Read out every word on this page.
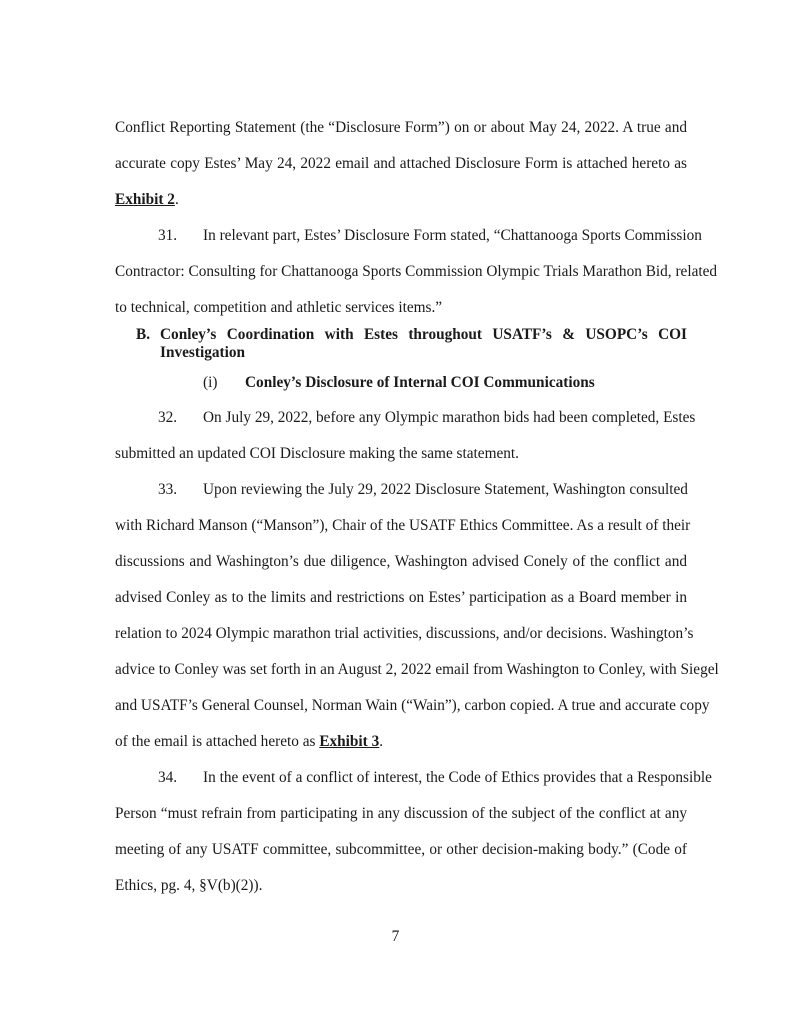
Conflict Reporting Statement (the “Disclosure Form”) on or about May 24, 2022. A true and
accurate copy Estes’ May 24, 2022 email and attached Disclosure Form is attached hereto as
Exhibit 2.
31. In relevant part, Estes’ Disclosure Form stated, “Chattanooga Sports Commission
Contractor: Consulting for Chattanooga Sports Commission Olympic Trials Marathon Bid, related
to technical, competition and athletic services items.”
B. Conley’s Coordination with Estes throughout USATF’s & USOPC’s COI
Investigation
(i) Conley’s Disclosure of Internal COI Communications
32. On July 29, 2022, before any Olympic marathon bids had been completed, Estes
submitted an updated COI Disclosure making the same statement.
33. Upon reviewing the July 29, 2022 Disclosure Statement, Washington consulted
with Richard Manson (“Manson”), Chair of the USATF Ethics Committee. As a result of their
discussions and Washington’s due diligence, Washington advised Conely of the conflict and
advised Conley as to the limits and restrictions on Estes’ participation as a Board member in
relation to 2024 Olympic marathon trial activities, discussions, and/or decisions. Washington’s
advice to Conley was set forth in an August 2, 2022 email from Washington to Conley, with Siegel
and USATF’s General Counsel, Norman Wain (“Wain”), carbon copied. A true and accurate copy
of the email is attached hereto as Exhibit 3.
34. In the event of a conflict of interest, the Code of Ethics provides that a Responsible
Person “must refrain from participating in any discussion of the subject of the conflict at any
meeting of any USATF committee, subcommittee, or other decision-making body.” (Code of
Ethics, pg. 4, §V(b)(2)).
7
